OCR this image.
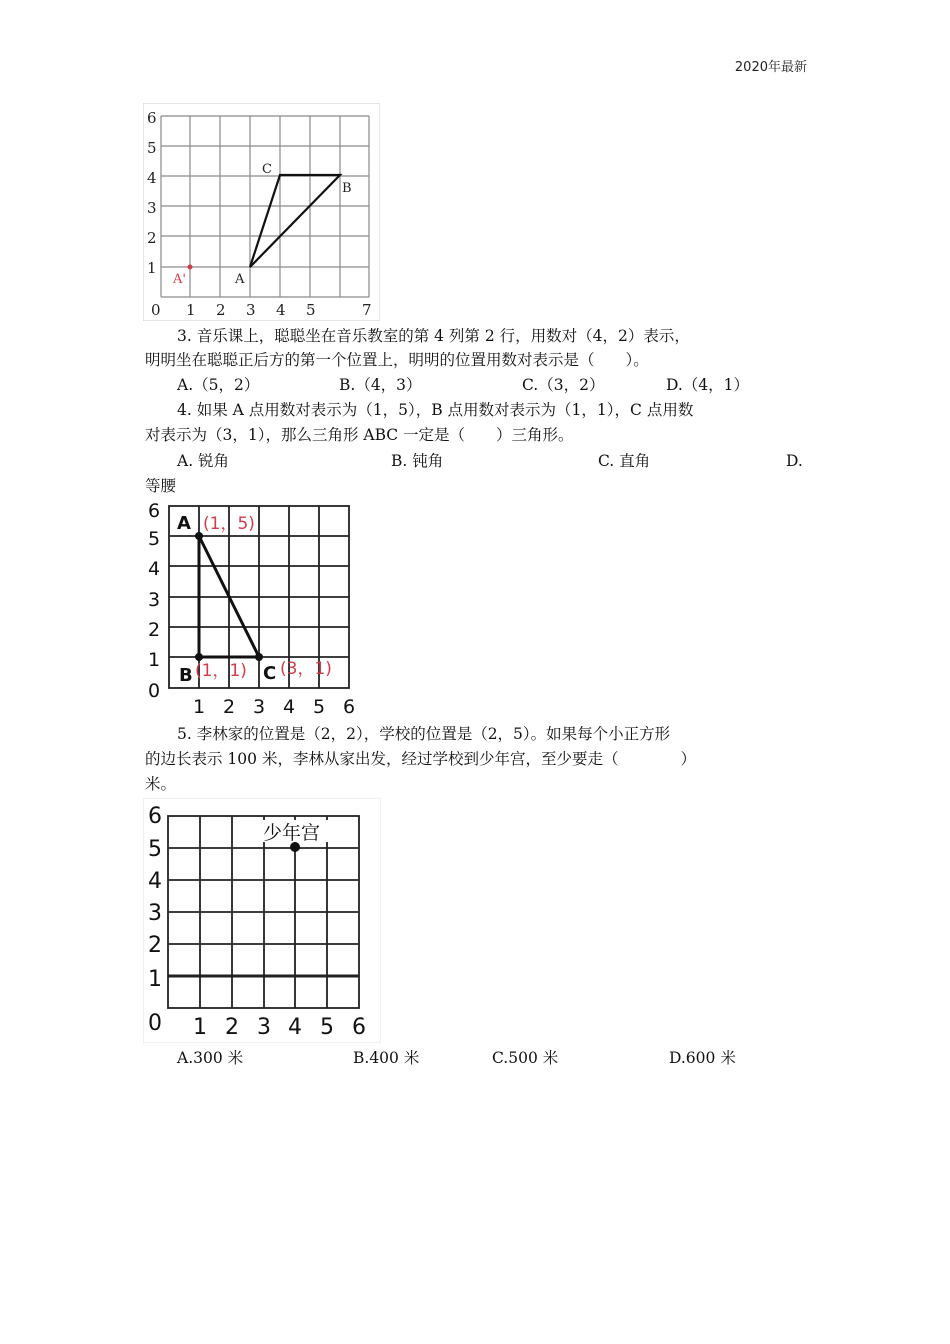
2020年最新
6
5
4
3
2
1
0 1 2 3 4 5	7
A
B
C
A'
3. 音乐课上，聪聪坐在音乐教室的第 4 列第 2 行，用数对（4，2）表示，
明明坐在聪聪正后方的第一个位置上，明明的位置用数对表示是（　　）。
A.（5，2）	B.（4，3）	C.（3，2）	D.（4，1）
4. 如果 A 点用数对表示为（1，5），B 点用数对表示为（1，1），C 点用数
对表示为（3，1），那么三角形 ABC 一定是（　　）三角形。
A. 锐角	B. 钝角	C. 直角	D.
等腰
6
5
4
3
2
1
0
1 2 3 4 5 6
A
B	C
(1，5)
(1，1) (3，1)
5. 李林家的位置是（2，2），学校的位置是（2，5）。如果每个小正方形
的边长表示 100 米，李林从家出发，经过学校到少年宫，至少要走（　　　　）
米。
6
5
4
3
2
1
0 1 2 3 4 5 6
少年宫
A.300 米	B.400 米	C.500 米	D.600 米
